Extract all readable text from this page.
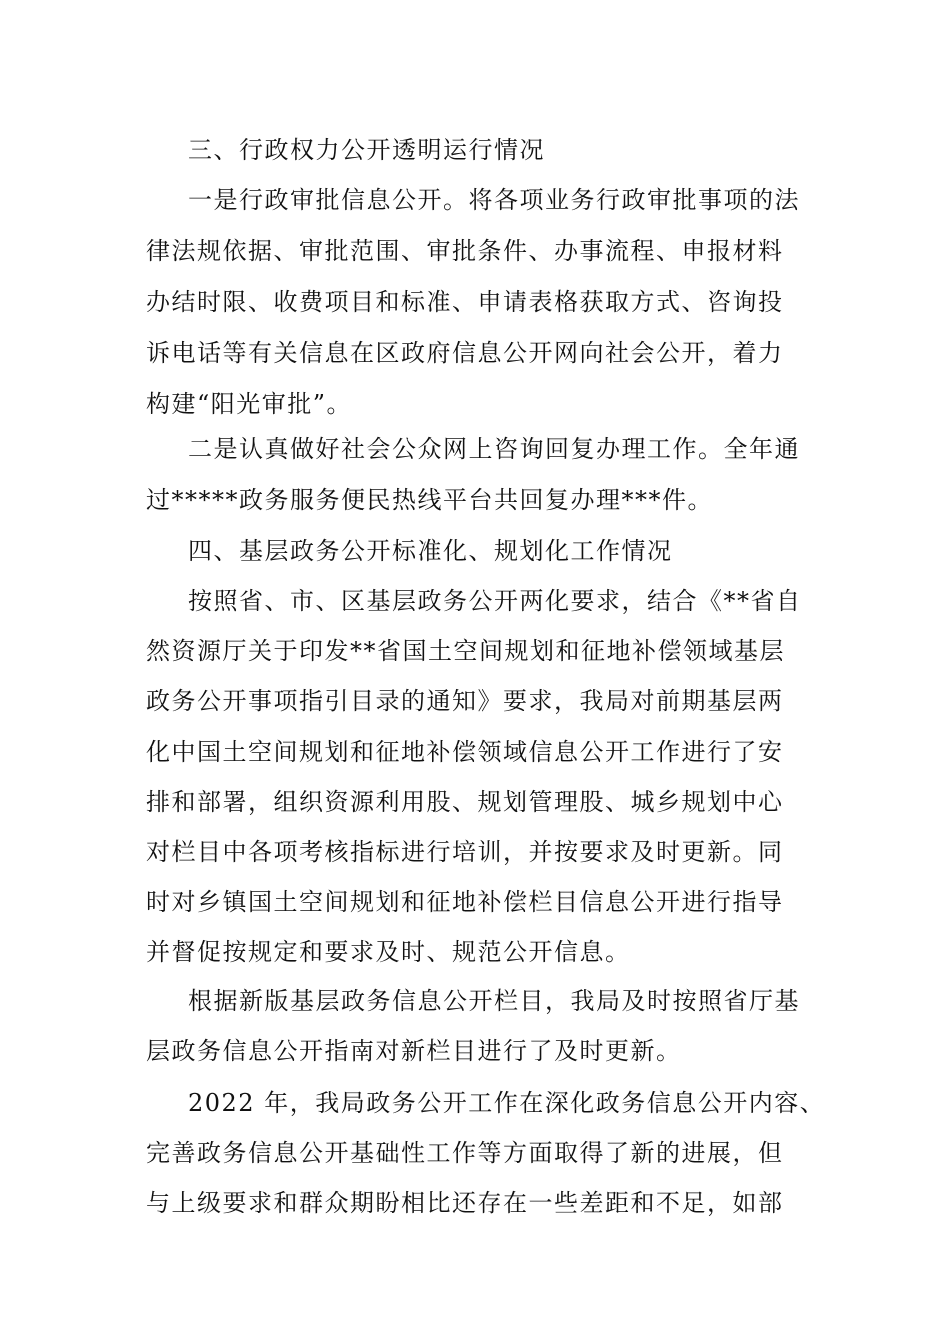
三、行政权力公开透明运行情况
一是行政审批信息公开。将各项业务行政审批事项的法
律法规依据、审批范围、审批条件、办事流程、申报材料
办结时限、收费项目和标准、申请表格获取方式、咨询投
诉电话等有关信息在区政府信息公开网向社会公开，着力
构建“阳光审批”。
二是认真做好社会公众网上咨询回复办理工作。全年通
过*****政务服务便民热线平台共回复办理***件。
四、基层政务公开标准化、规划化工作情况
按照省、市、区基层政务公开两化要求，结合《**省自
然资源厅关于印发**省国土空间规划和征地补偿领域基层
政务公开事项指引目录的通知》要求，我局对前期基层两
化中国土空间规划和征地补偿领域信息公开工作进行了安
排和部署，组织资源利用股、规划管理股、城乡规划中心
对栏目中各项考核指标进行培训，并按要求及时更新。同
时对乡镇国土空间规划和征地补偿栏目信息公开进行指导
并督促按规定和要求及时、规范公开信息。
根据新版基层政务信息公开栏目，我局及时按照省厅基
层政务信息公开指南对新栏目进行了及时更新。
2022 年，我局政务公开工作在深化政务信息公开内容、
完善政务信息公开基础性工作等方面取得了新的进展，但
与上级要求和群众期盼相比还存在一些差距和不足，如部
